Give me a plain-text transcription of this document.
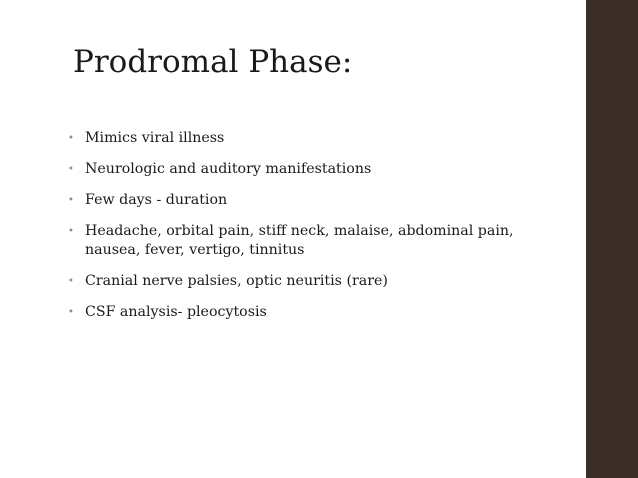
Prodromal Phase:
• Mimics viral illness
• Neurologic and auditory manifestations
• Few days - duration
• Headache, orbital pain, stiff neck, malaise, abdominal pain, nausea, fever, vertigo, tinnitus
• Cranial nerve palsies, optic neuritis (rare)
• CSF analysis- pleocytosis
